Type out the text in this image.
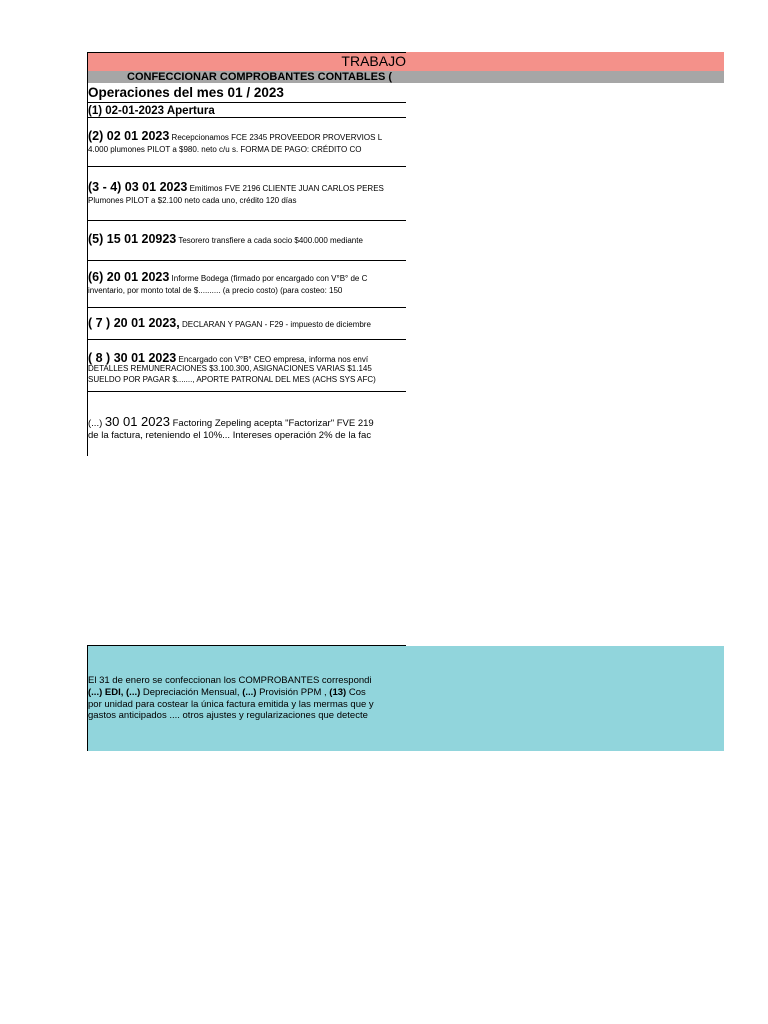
TRABAJO
CONFECCIONAR COMPROBANTES CONTABLES (
Operaciones del mes 01 / 2023
(1) 02-01-2023 Apertura
(2) 02 01 2023 Recepcionamos FCE 2345 PROVEEDOR PROVERVIOS L
4.000 plumones PILOT a $980. neto c/u s. FORMA DE PAGO: CRÉDITO CO
(3 - 4) 03 01 2023 Emitimos FVE 2196 CLIENTE JUAN CARLOS PERES
Plumones PILOT a $2.100 neto cada uno, crédito 120 días
(5) 15 01 20923 Tesorero transfiere a cada socio $400.000 mediante
(6) 20 01 2023 Informe Bodega (firmado por encargado con V°B° de C
inventario, por monto total de $.......... (a precio costo) (para costeo: 150
( 7 ) 20 01 2023, DECLARAN Y PAGAN - F29 - impuesto de diciembre
( 8 ) 30 01 2023 Encargado con V°B° CEO empresa, informa nos enví
DETALLES REMUNERACIONES $3.100.300, ASIGNACIONES VARIAS $1.145
SUELDO POR PAGAR $......., APORTE PATRONAL DEL MES (ACHS SYS AFC)
(...) 30 01 2023 Factoring Zepeling acepta "Factorizar" FVE 219
de la factura, reteniendo el 10%... Intereses operación 2% de la fac
El 31 de enero se confeccionan los COMPROBANTES correspondi
(...) EDI, (...) Depreciación Mensual, (...) Provisión PPM , (13) Cos
por unidad para costear la única factura emitida y las mermas que y
gastos anticipados .... otros ajustes y regularizaciones que detecte
